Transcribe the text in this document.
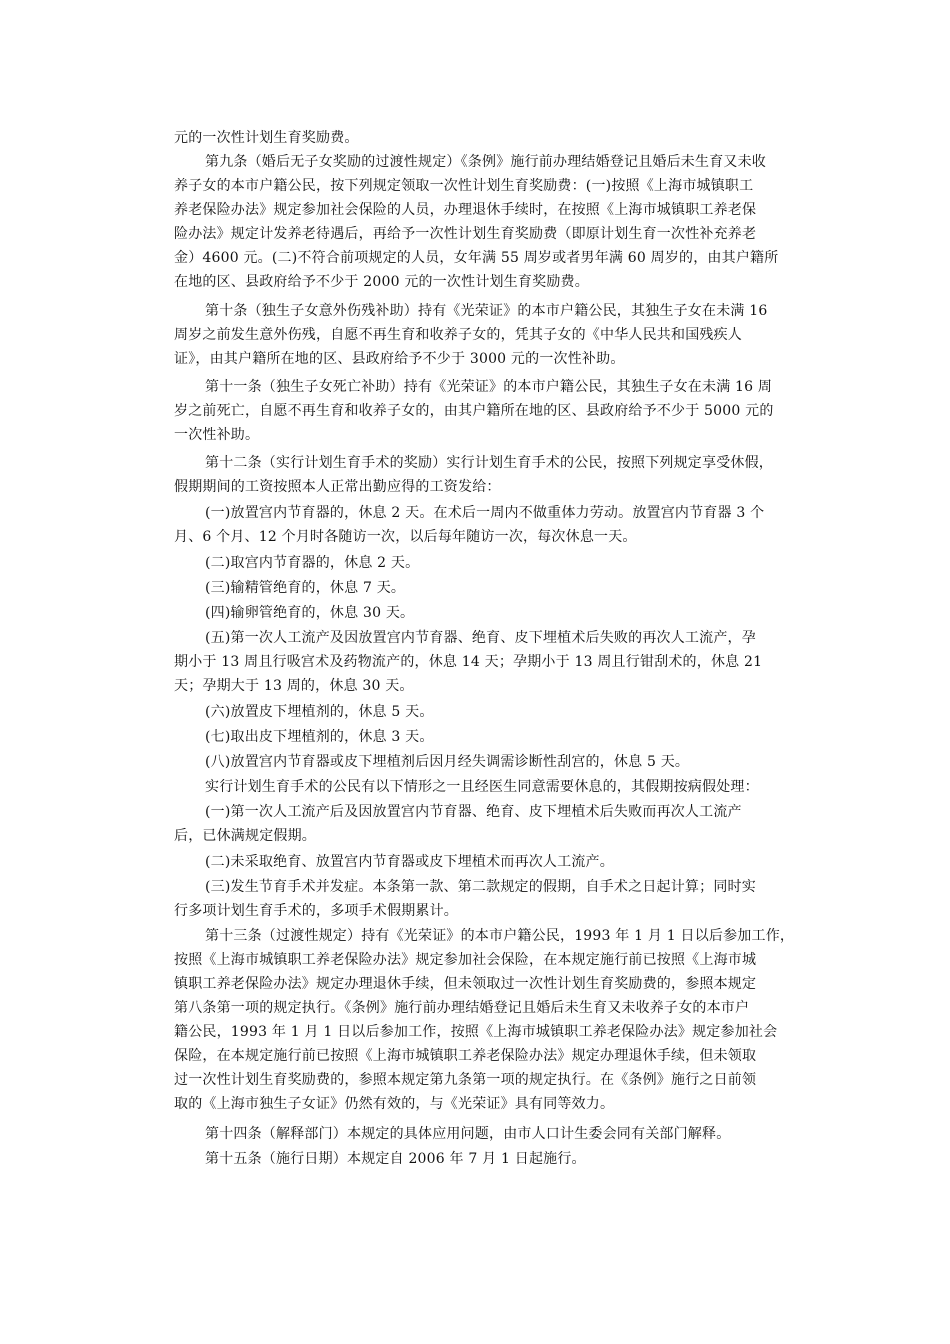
元的一次性计划生育奖励费。
第九条（婚后无子女奖励的过渡性规定）《条例》施行前办理结婚登记且婚后未生育又未收
养子女的本市户籍公民，按下列规定领取一次性计划生育奖励费：(一)按照《上海市城镇职工
养老保险办法》规定参加社会保险的人员，办理退休手续时，在按照《上海市城镇职工养老保
险办法》规定计发养老待遇后，再给予一次性计划生育奖励费（即原计划生育一次性补充养老
金）4600 元。(二)不符合前项规定的人员，女年满 55 周岁或者男年满 60 周岁的，由其户籍所
在地的区、县政府给予不少于 2000 元的一次性计划生育奖励费。
第十条（独生子女意外伤残补助）持有《光荣证》的本市户籍公民，其独生子女在未满 16
周岁之前发生意外伤残，自愿不再生育和收养子女的，凭其子女的《中华人民共和国残疾人
证》，由其户籍所在地的区、县政府给予不少于 3000 元的一次性补助。
第十一条（独生子女死亡补助）持有《光荣证》的本市户籍公民，其独生子女在未满 16 周
岁之前死亡，自愿不再生育和收养子女的，由其户籍所在地的区、县政府给予不少于 5000 元的
一次性补助。
第十二条（实行计划生育手术的奖励）实行计划生育手术的公民，按照下列规定享受休假，
假期期间的工资按照本人正常出勤应得的工资发给：
(一)放置宫内节育器的，休息 2 天。在术后一周内不做重体力劳动。放置宫内节育器 3 个
月、6 个月、12 个月时各随访一次，以后每年随访一次，每次休息一天。
(二)取宫内节育器的，休息 2 天。
(三)输精管绝育的，休息 7 天。
(四)输卵管绝育的，休息 30 天。
(五)第一次人工流产及因放置宫内节育器、绝育、皮下埋植术后失败的再次人工流产，孕
期小于 13 周且行吸宫术及药物流产的，休息 14 天；孕期小于 13 周且行钳刮术的，休息 21
天；孕期大于 13 周的，休息 30 天。
(六)放置皮下埋植剂的，休息 5 天。
(七)取出皮下埋植剂的，休息 3 天。
(八)放置宫内节育器或皮下埋植剂后因月经失调需诊断性刮宫的，休息 5 天。
实行计划生育手术的公民有以下情形之一且经医生同意需要休息的，其假期按病假处理：
(一)第一次人工流产后及因放置宫内节育器、绝育、皮下埋植术后失败而再次人工流产
后，已休满规定假期。
(二)未采取绝育、放置宫内节育器或皮下埋植术而再次人工流产。
(三)发生节育手术并发症。本条第一款、第二款规定的假期，自手术之日起计算；同时实
行多项计划生育手术的，多项手术假期累计。
第十三条（过渡性规定）持有《光荣证》的本市户籍公民，1993 年 1 月 1 日以后参加工作，
按照《上海市城镇职工养老保险办法》规定参加社会保险，在本规定施行前已按照《上海市城
镇职工养老保险办法》规定办理退休手续，但未领取过一次性计划生育奖励费的，参照本规定
第八条第一项的规定执行。《条例》施行前办理结婚登记且婚后未生育又未收养子女的本市户
籍公民，1993 年 1 月 1 日以后参加工作，按照《上海市城镇职工养老保险办法》规定参加社会
保险，在本规定施行前已按照《上海市城镇职工养老保险办法》规定办理退休手续，但未领取
过一次性计划生育奖励费的，参照本规定第九条第一项的规定执行。在《条例》施行之日前领
取的《上海市独生子女证》仍然有效的，与《光荣证》具有同等效力。
第十四条（解释部门）本规定的具体应用问题，由市人口计生委会同有关部门解释。
第十五条（施行日期）本规定自 2006 年 7 月 1 日起施行。
